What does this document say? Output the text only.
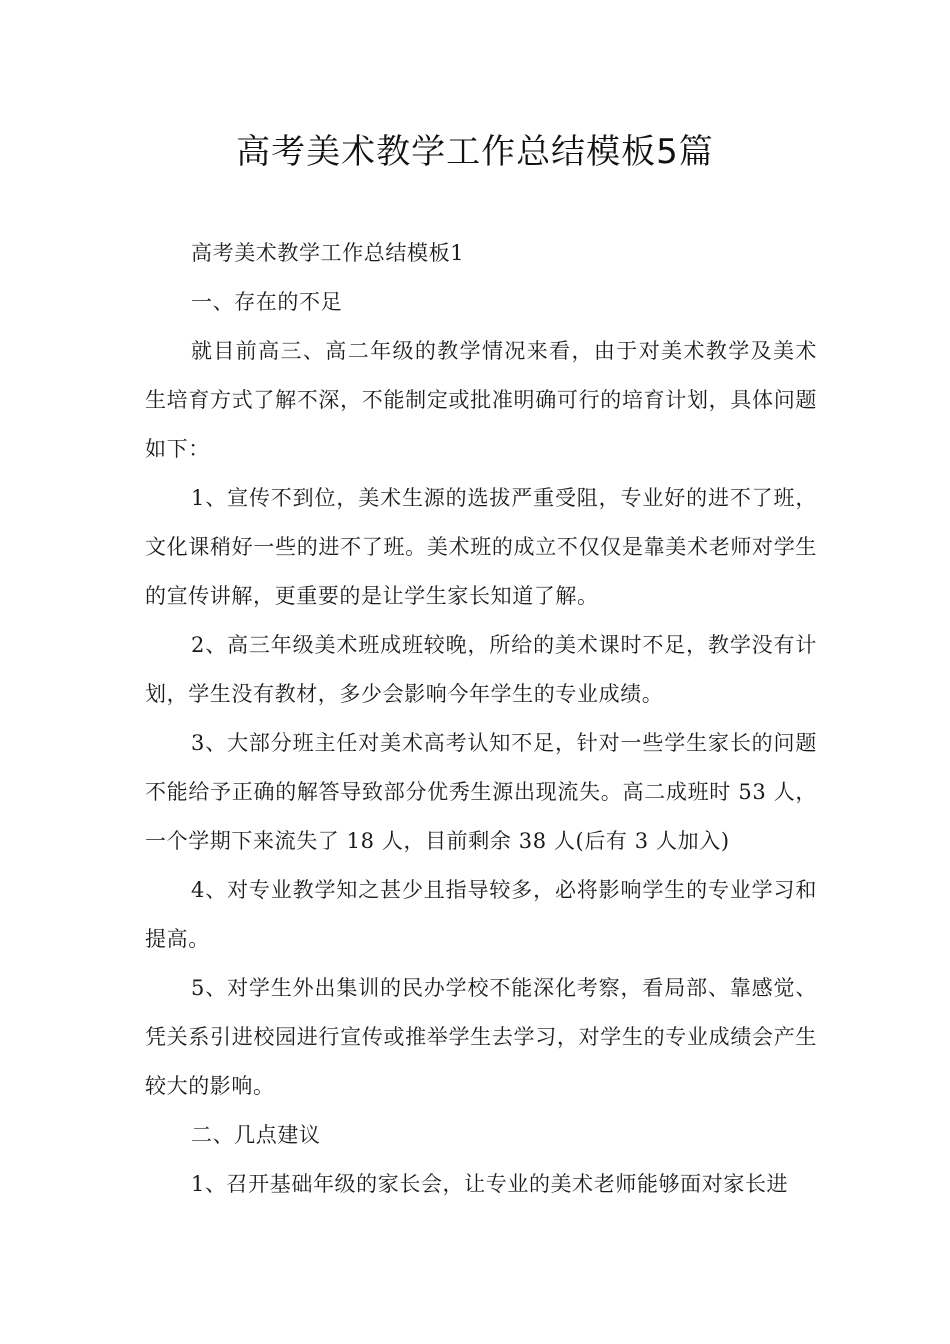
高考美术教学工作总结模板5篇

高考美术教学工作总结模板1

一、存在的不足

就目前高三、高二年级的教学情况来看，由于对美术教学及美术生培育方式了解不深，不能制定或批准明确可行的培育计划，具体问题如下：

1、宣传不到位，美术生源的选拔严重受阻，专业好的进不了班，文化课稍好一些的进不了班。美术班的成立不仅仅是靠美术老师对学生的宣传讲解，更重要的是让学生家长知道了解。

2、高三年级美术班成班较晚，所给的美术课时不足，教学没有计划，学生没有教材，多少会影响今年学生的专业成绩。

3、大部分班主任对美术高考认知不足，针对一些学生家长的问题不能给予正确的解答导致部分优秀生源出现流失。高二成班时 53 人，一个学期下来流失了 18 人，目前剩余 38 人(后有 3 人加入)

4、对专业教学知之甚少且指导较多，必将影响学生的专业学习和提高。

5、对学生外出集训的民办学校不能深化考察，看局部、靠感觉、凭关系引进校园进行宣传或推举学生去学习，对学生的专业成绩会产生较大的影响。

二、几点建议

1、召开基础年级的家长会，让专业的美术老师能够面对家长进
